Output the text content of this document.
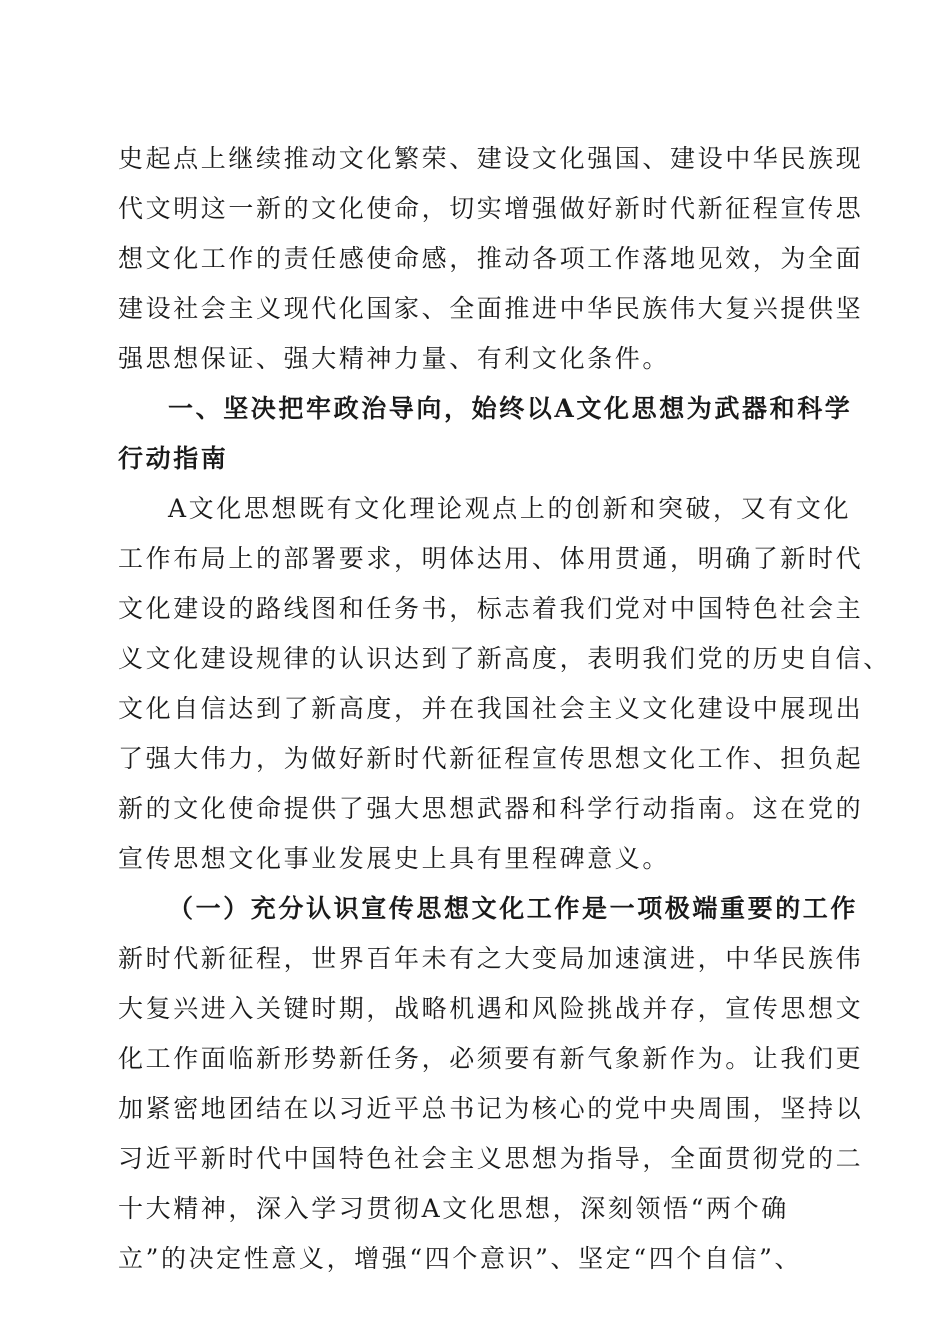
史起点上继续推动文化繁荣、建设文化强国、建设中华民族现
代文明这一新的文化使命，切实增强做好新时代新征程宣传思
想文化工作的责任感使命感，推动各项工作落地见效，为全面
建设社会主义现代化国家、全面推进中华民族伟大复兴提供坚
强思想保证、强大精神力量、有利文化条件。
一、坚决把牢政治导向，始终以A文化思想为武器和科学
行动指南
A文化思想既有文化理论观点上的创新和突破，又有文化
工作布局上的部署要求，明体达用、体用贯通，明确了新时代
文化建设的路线图和任务书，标志着我们党对中国特色社会主
义文化建设规律的认识达到了新高度，表明我们党的历史自信、
文化自信达到了新高度，并在我国社会主义文化建设中展现出
了强大伟力，为做好新时代新征程宣传思想文化工作、担负起
新的文化使命提供了强大思想武器和科学行动指南。这在党的
宣传思想文化事业发展史上具有里程碑意义。
（一）充分认识宣传思想文化工作是一项极端重要的工作
新时代新征程，世界百年未有之大变局加速演进，中华民族伟
大复兴进入关键时期，战略机遇和风险挑战并存，宣传思想文
化工作面临新形势新任务，必须要有新气象新作为。让我们更
加紧密地团结在以习近平总书记为核心的党中央周围，坚持以
习近平新时代中国特色社会主义思想为指导，全面贯彻党的二
十大精神，深入学习贯彻A文化思想，深刻领悟“两个确
立”的决定性意义，增强“四个意识”、坚定“四个自信”、
